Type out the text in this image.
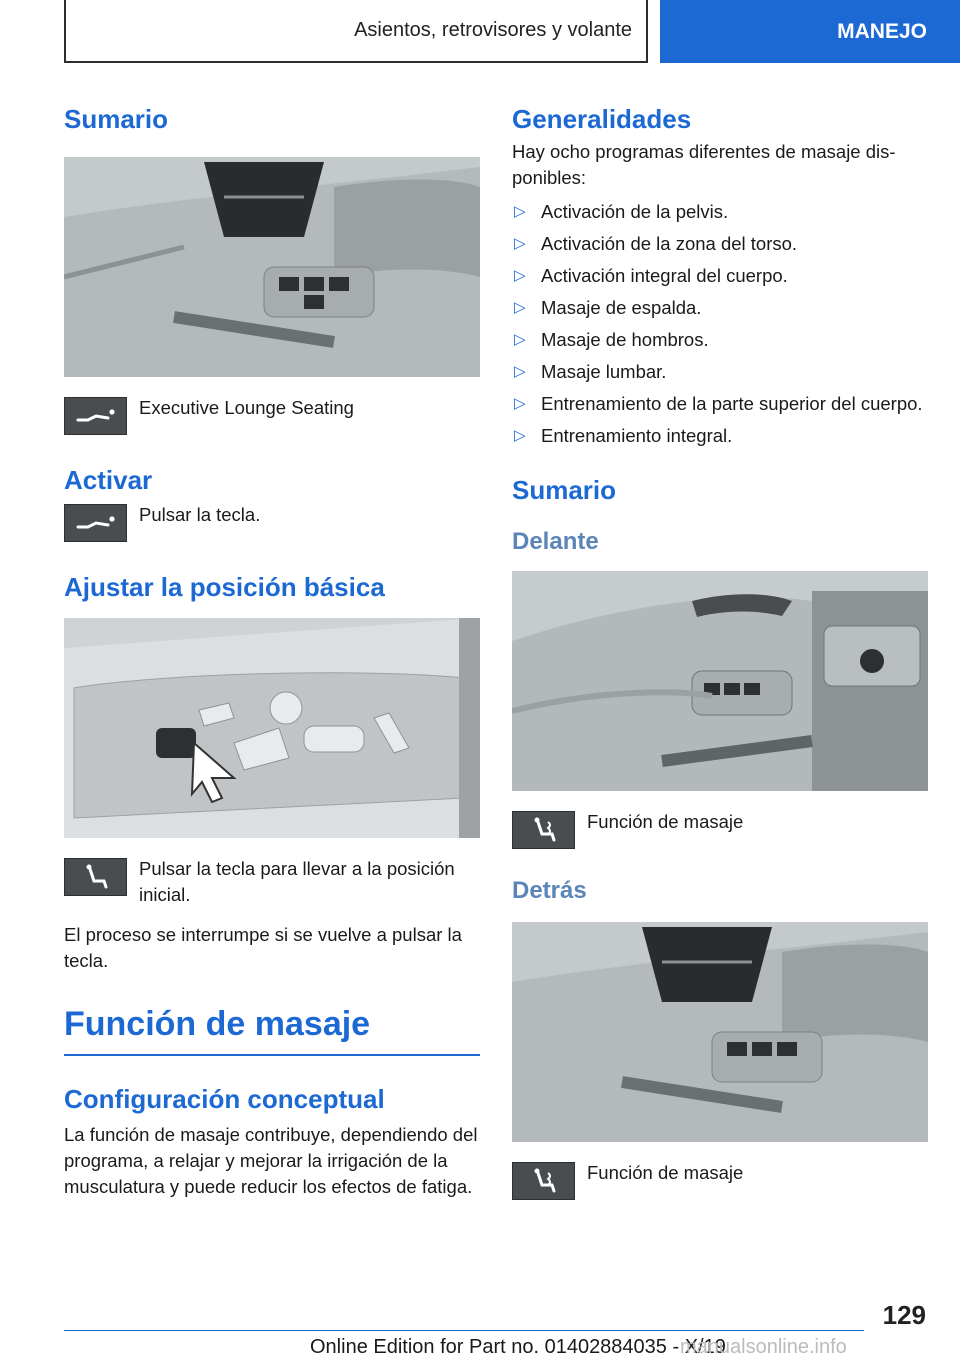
Asientos, retrovisores y volante	MANEJO
Sumario

Executive Lounge Seating

Activar

Pulsar la tecla.

Ajustar la posición básica

Pulsar la tecla para llevar a la posición inicial.

El proceso se interrumpe si se vuelve a pulsar la tecla.

Función de masaje
Configuración conceptual

La función de masaje contribuye, dependiendo del programa, a relajar y mejorar la irrigación de la musculatura y puede reducir los efectos de fatiga.

Generalidades

Hay ocho programas diferentes de masaje disponibles:

▷ Activación de la pelvis.
▷ Activación de la zona del torso.
▷ Activación integral del cuerpo.
▷ Masaje de espalda.
▷ Masaje de hombros.
▷ Masaje lumbar.
▷ Entrenamiento de la parte superior del cuerpo.
▷ Entrenamiento integral.
Sumario
Delante

Función de masaje

Detrás

Función de masaje

129
Online Edition for Part no. 01402884035 - X/19
manualsonline.info
